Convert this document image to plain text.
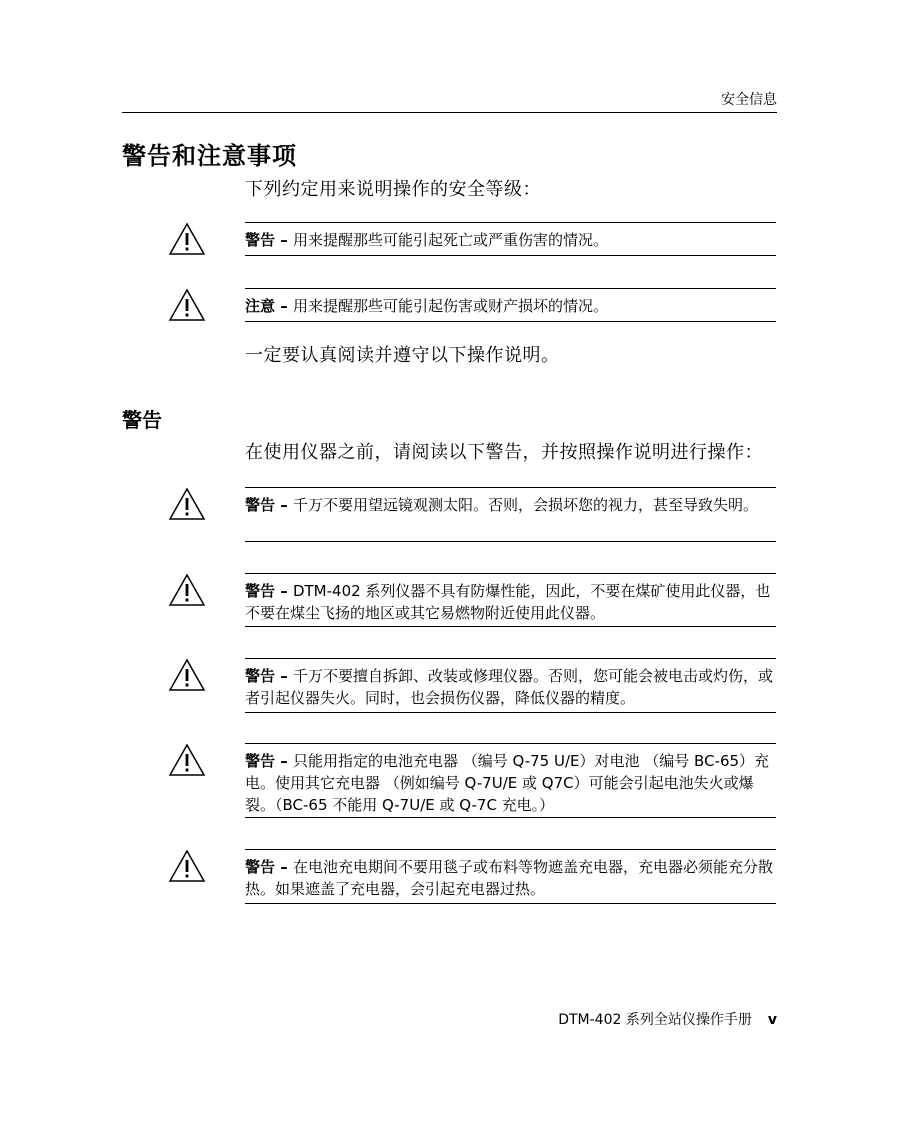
安全信息
警告和注意事项
下列约定用来说明操作的安全等级：
警告 – 用来提醒那些可能引起死亡或严重伤害的情况。
注意 – 用来提醒那些可能引起伤害或财产损坏的情况。
一定要认真阅读并遵守以下操作说明。
警告
在使用仪器之前，请阅读以下警告，并按照操作说明进行操作：
警告 – 千万不要用望远镜观测太阳。否则，会损坏您的视力，甚至导致失明。
警告 – DTM-402 系列仪器不具有防爆性能，因此，不要在煤矿使用此仪器，也不要在煤尘飞扬的地区或其它易燃物附近使用此仪器。
警告 – 千万不要擅自拆卸、改装或修理仪器。否则，您可能会被电击或灼伤，或者引起仪器失火。同时，也会损伤仪器，降低仪器的精度。
警告 – 只能用指定的电池充电器 （编号 Q-75 U/E）对电池 （编号 BC-65）充电。使用其它充电器 （例如编号 Q-7U/E 或 Q7C）可能会引起电池失火或爆裂。（BC-65 不能用 Q-7U/E 或 Q-7C 充电。）
警告 – 在电池充电期间不要用毯子或布料等物遮盖充电器，充电器必须能充分散热。如果遮盖了充电器，会引起充电器过热。
DTM-402 系列全站仪操作手册 v
